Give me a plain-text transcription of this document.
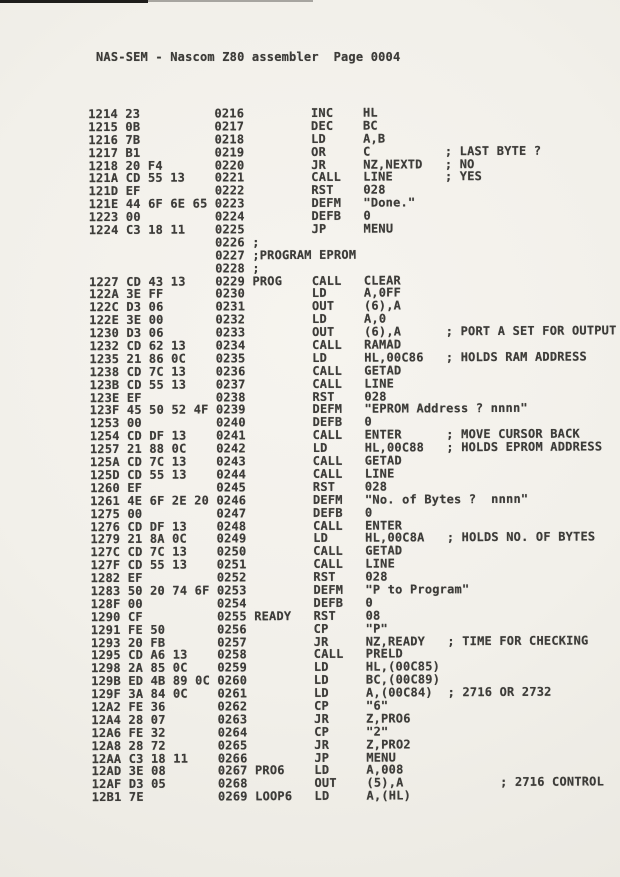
NAS-SEM - Nascom Z80 assembler  Page 0004
1214 23          0216         INC    HL
1215 0B          0217         DEC    BC
1216 7B          0218         LD     A,B
1217 B1          0219         OR     C          ; LAST BYTE ?
1218 20 F4       0220         JR     NZ,NEXTD   ; NO
121A CD 55 13    0221         CALL   LINE       ; YES
121D EF          0222         RST    028
121E 44 6F 6E 65 0223         DEFM   "Done."
1223 00          0224         DEFB   0
1224 C3 18 11    0225         JP     MENU
0226 ;
0227 ;PROGRAM EPROM
0228 ;
1227 CD 43 13    0229 PROG    CALL   CLEAR
122A 3E FF       0230         LD     A,0FF
122C D3 06       0231         OUT    (6),A
122E 3E 00       0232         LD     A,0
1230 D3 06       0233         OUT    (6),A      ; PORT A SET FOR OUTPUT
1232 CD 62 13    0234         CALL   RAMAD
1235 21 86 0C    0235         LD     HL,00C86   ; HOLDS RAM ADDRESS
1238 CD 7C 13    0236         CALL   GETAD
123B CD 55 13    0237         CALL   LINE
123E EF          0238         RST    028
123F 45 50 52 4F 0239         DEFM   "EPROM Address ? nnnn"
1253 00          0240         DEFB   0
1254 CD DF 13    0241         CALL   ENTER      ; MOVE CURSOR BACK
1257 21 88 0C    0242         LD     HL,00C88   ; HOLDS EPROM ADDRESS
125A CD 7C 13    0243         CALL   GETAD
125D CD 55 13    0244         CALL   LINE
1260 EF          0245         RST    028
1261 4E 6F 2E 20 0246         DEFM   "No. of Bytes ?  nnnn"
1275 00          0247         DEFB   0
1276 CD DF 13    0248         CALL   ENTER
1279 21 8A 0C    0249         LD     HL,00C8A   ; HOLDS NO. OF BYTES
127C CD 7C 13    0250         CALL   GETAD
127F CD 55 13    0251         CALL   LINE
1282 EF          0252         RST    028
1283 50 20 74 6F 0253         DEFM   "P to Program"
128F 00          0254         DEFB   0
1290 CF          0255 READY   RST    08
1291 FE 50       0256         CP     "P"
1293 20 FB       0257         JR     NZ,READY   ; TIME FOR CHECKING
1295 CD A6 13    0258         CALL   PRELD
1298 2A 85 0C    0259         LD     HL,(00C85)
129B ED 4B 89 0C 0260         LD     BC,(00C89)
129F 3A 84 0C    0261         LD     A,(00C84)  ; 2716 OR 2732
12A2 FE 36       0262         CP     "6"
12A4 28 07       0263         JR     Z,PRO6
12A6 FE 32       0264         CP     "2"
12A8 28 72       0265         JR     Z,PRO2
12AA C3 18 11    0266         JP     MENU
12AD 3E 08       0267 PRO6    LD     A,008
12AF D3 05       0268         OUT    (5),A             ; 2716 CONTROL
12B1 7E          0269 LOOP6   LD     A,(HL)
